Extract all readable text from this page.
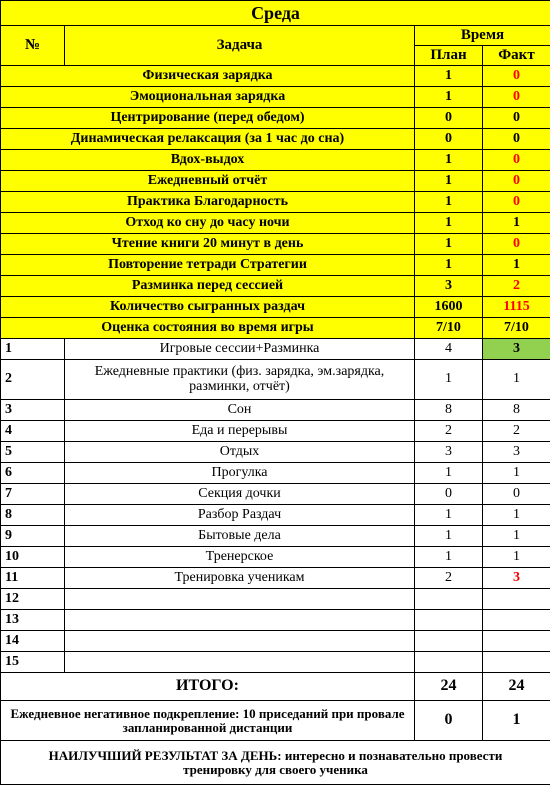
Среда			
№	Задача	Время	
		План	Факт
Физическая зарядка		1	0
Эмоциональная зарядка		1	0
Центрирование (перед обедом)		0	0
Динамическая релаксация (за 1 час до сна)		0	0
Вдох-выдох		1	0
Ежедневный отчёт		1	0
Практика Благодарность		1	0
Отход ко сну до часу ночи		1	1
Чтение книги 20 минут в день		1	0
Повторение тетради Стратегии		1	1
Разминка перед сессией		3	2
Количество сыгранных раздач		1600	1115
Оценка состояния во время игры		7/10	7/10
1	Игровые сессии+Разминка	4	3
2	Ежедневные практики (физ. зарядка, эм.зарядка, разминки, отчёт)	1	1
3	Сон	8	8
4	Еда и перерывы	2	2
5	Отдых	3	3
6	Прогулка	1	1
7	Секция дочки	0	0
8	Разбор Раздач	1	1
9	Бытовые дела	1	1
10	Тренерское	1	1
11	Тренировка ученикам	2	3
12			
13			
14			
15			
ИТОГО:		24	24
Ежедневное негативное подкрепление: 10 приседаний при провале запланированной дистанции		0	1
НАИЛУЧШИЙ РЕЗУЛЬТАТ ЗА ДЕНЬ: интересно и познавательно провести тренировку для своего ученика			
